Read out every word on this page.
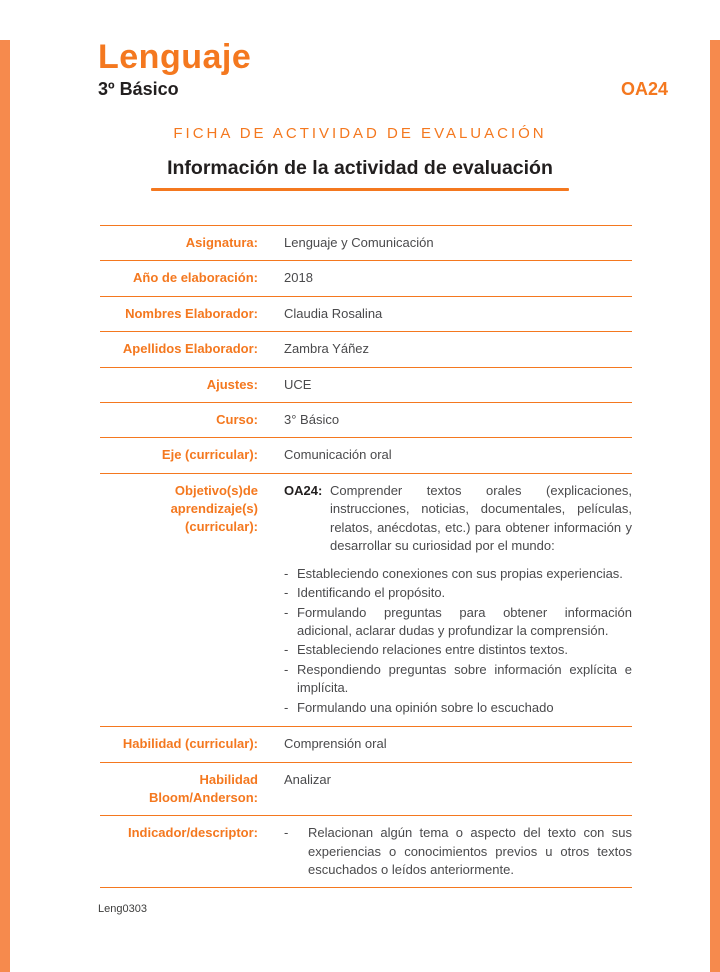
Lenguaje
3º Básico	OA24
FICHA DE ACTIVIDAD DE EVALUACIÓN
Información de la actividad de evaluación
Asignatura:	Lenguaje y Comunicación
Año de elaboración:	2018
Nombres Elaborador:	Claudia Rosalina
Apellidos Elaborador:	Zambra Yáñez
Ajustes:	UCE
Curso:	3° Básico
Eje (curricular):	Comunicación oral
Objetivo(s)de aprendizaje(s) (curricular):
OA24: Comprender textos orales (explicaciones, instrucciones, noticias, documentales, películas, relatos, anécdotas, etc.) para obtener información y desarrollar su curiosidad por el mundo:
- Estableciendo conexiones con sus propias experiencias.
- Identificando el propósito.
- Formulando preguntas para obtener información adicional, aclarar dudas y profundizar la comprensión.
- Estableciendo relaciones entre distintos textos.
- Respondiendo preguntas sobre información explícita e implícita.
- Formulando una opinión sobre lo escuchado
Habilidad (curricular):	Comprensión oral
Habilidad Bloom/Anderson:
Analizar
Indicador/descriptor: -	Relacionan algún tema o aspecto del texto con sus experiencias o conocimientos previos u otros textos escuchados o leídos anteriormente.
Leng0303
